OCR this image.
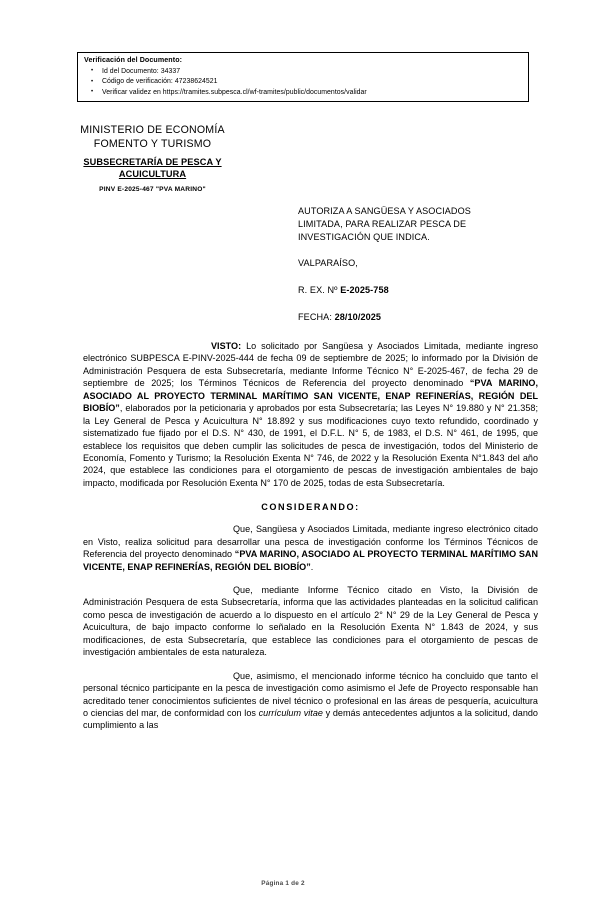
Verificación del Documento:
• Id del Documento: 34337
• Código de verificación: 47238624521
• Verificar validez en https://tramites.subpesca.cl/wf-tramites/public/documentos/validar
MINISTERIO DE ECONOMÍA
FOMENTO Y TURISMO
SUBSECRETARÍA DE PESCA Y
ACUICULTURA
PINV E-2025-467 "PVA MARINO"

AUTORIZA A SANGÜESA Y ASOCIADOS

LIMITADA, PARA REALIZAR PESCA DE

INVESTIGACIÓN QUE INDICA.

VALPARAÍSO,

R. EX. Nº E-2025-758

FECHA: 28/10/2025

VISTO: Lo solicitado por Sangüesa y Asociados Limitada, mediante ingreso electrónico SUBPESCA E-PINV-2025-444 de fecha 09 de septiembre de 2025; lo informado por la División de Administración Pesquera de esta Subsecretaría, mediante Informe Técnico N° E-2025-467, de fecha 29 de septiembre de 2025; los Términos Técnicos de Referencia del proyecto denominado “PVA MARINO, ASOCIADO AL PROYECTO TERMINAL MARÍTIMO SAN VICENTE, ENAP REFINERÍAS, REGIÓN DEL BIOBÍO”, elaborados por la peticionaria y aprobados por esta Subsecretaría; las Leyes N° 19.880 y N° 21.358; la Ley General de Pesca y Acuicultura N° 18.892 y sus modificaciones cuyo texto refundido, coordinado y sistematizado fue fijado por el D.S. N° 430, de 1991, el D.F.L. N° 5, de 1983, el D.S. N° 461, de 1995, que establece los requisitos que deben cumplir las solicitudes de pesca de investigación, todos del Ministerio de Economía, Fomento y Turismo; la Resolución Exenta N° 746, de 2022 y la Resolución Exenta N°1.843 del año 2024, que establece las condiciones para el otorgamiento de pescas de investigación ambientales de bajo impacto, modificada por Resolución Exenta N° 170 de 2025, todas de esta Subsecretaría.

CONSIDERANDO:

Que, Sangüesa y Asociados Limitada, mediante ingreso electrónico citado en Visto, realiza solicitud para desarrollar una pesca de investigación conforme los Términos Técnicos de Referencia del proyecto denominado “PVA MARINO, ASOCIADO AL PROYECTO TERMINAL MARÍTIMO SAN VICENTE, ENAP REFINERÍAS, REGIÓN DEL BIOBÍO”.

Que, mediante Informe Técnico citado en Visto, la División de Administración Pesquera de esta Subsecretaría, informa que las actividades planteadas en la solicitud califican como pesca de investigación de acuerdo a lo dispuesto en el artículo 2° N° 29 de la Ley General de Pesca y Acuicultura, de bajo impacto conforme lo señalado en la Resolución Exenta N° 1.843 de 2024, y sus modificaciones, de esta Subsecretaría, que establece las condiciones para el otorgamiento de pescas de investigación ambientales de esta naturaleza.

Que, asimismo, el mencionado informe técnico ha concluido que tanto el personal técnico participante en la pesca de investigación como asimismo el Jefe de Proyecto responsable han acreditado tener conocimientos suficientes de nivel técnico o profesional en las áreas de pesquería, acuicultura o ciencias del mar, de conformidad con los currículum vitae y demás antecedentes adjuntos a la solicitud, dando cumplimiento a las

Página 1 de 2
